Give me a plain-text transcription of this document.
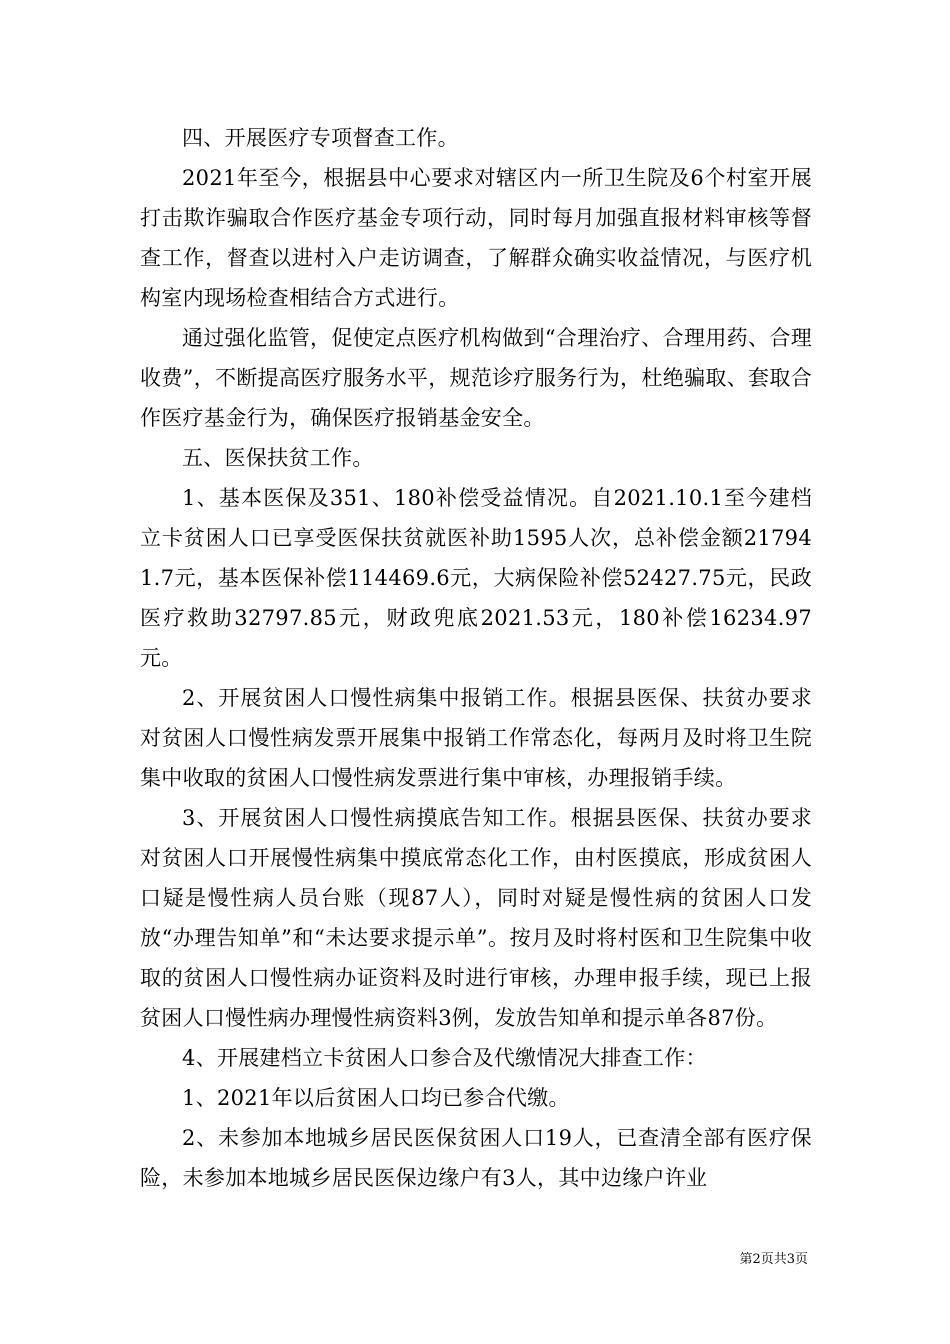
四、开展医疗专项督查工作。

2021年至今，根据县中心要求对辖区内一所卫生院及6个村室开展打击欺诈骗取合作医疗基金专项行动，同时每月加强直报材料审核等督查工作，督查以进村入户走访调查，了解群众确实收益情况，与医疗机构室内现场检查相结合方式进行。

通过强化监管，促使定点医疗机构做到“合理治疗、合理用药、合理收费”，不断提高医疗服务水平，规范诊疗服务行为，杜绝骗取、套取合作医疗基金行为，确保医疗报销基金安全。

五、医保扶贫工作。

1、基本医保及351、180补偿受益情况。自2021.10.1至今建档立卡贫困人口已享受医保扶贫就医补助1595人次，总补偿金额217941.7元，基本医保补偿114469.6元，大病保险补偿52427.75元，民政医疗救助32797.85元，财政兜底2021.53元，180补偿16234.97元。

2、开展贫困人口慢性病集中报销工作。根据县医保、扶贫办要求对贫困人口慢性病发票开展集中报销工作常态化，每两月及时将卫生院集中收取的贫困人口慢性病发票进行集中审核，办理报销手续。

3、开展贫困人口慢性病摸底告知工作。根据县医保、扶贫办要求对贫困人口开展慢性病集中摸底常态化工作，由村医摸底，形成贫困人口疑是慢性病人员台账（现87人），同时对疑是慢性病的贫困人口发放“办理告知单”和“未达要求提示单”。按月及时将村医和卫生院集中收取的贫困人口慢性病办证资料及时进行审核，办理申报手续，现已上报贫困人口慢性病办理慢性病资料3例，发放告知单和提示单各87份。

4、开展建档立卡贫困人口参合及代缴情况大排查工作：

1、2021年以后贫困人口均已参合代缴。

2、未参加本地城乡居民医保贫困人口19人，已查清全部有医疗保险，未参加本地城乡居民医保边缘户有3人，其中边缘户许业

第2页共3页
